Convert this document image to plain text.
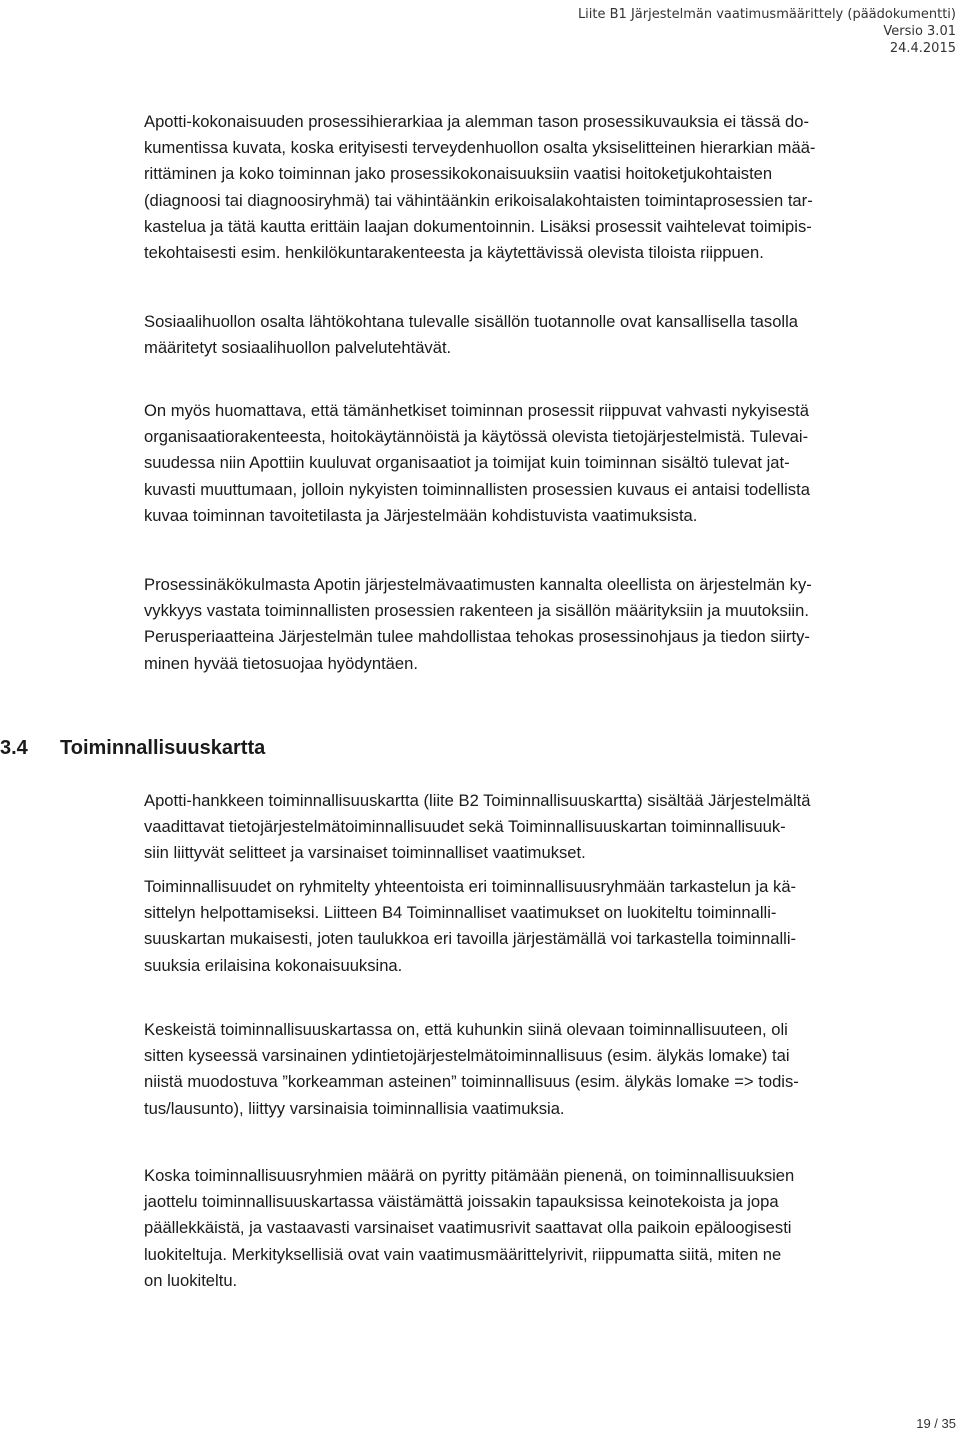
Liite B1 Järjestelmän vaatimusmäärittely (päädokumentti)
Versio 3.01
24.4.2015

Apotti-kokonaisuuden prosessihierarkiaa ja alemman tason prosessikuvauksia ei tässä do-
kumentissa kuvata, koska erityisesti terveydenhuollon osalta yksiselitteinen hierarkian mää-
rittäminen ja koko toiminnan jako prosessikokonaisuuksiin vaatisi hoitoketjukohtaisten
(diagnoosi tai diagnoosiryhmä) tai vähintäänkin erikoisalakohtaisten toimintaprosessien tar-
kastelua ja tätä kautta erittäin laajan dokumentoinnin. Lisäksi prosessit vaihtelevat toimipis-
tekohtaisesti esim. henkilökuntarakenteesta ja käytettävissä olevista tiloista riippuen.

Sosiaalihuollon osalta lähtökohtana tulevalle sisällön tuotannolle ovat kansallisella tasolla
määritetyt sosiaalihuollon palvelutehtävät.

On myös huomattava, että tämänhetkiset toiminnan prosessit riippuvat vahvasti nykyisestä
organisaatiorakenteesta, hoitokäytännöistä ja käytössä olevista tietojärjestelmistä. Tulevai-
suudessa niin Apottiin kuuluvat organisaatiot ja toimijat kuin toiminnan sisältö tulevat jat-
kuvasti muuttumaan, jolloin nykyisten toiminnallisten prosessien kuvaus ei antaisi todellista
kuvaa toiminnan tavoitetilasta ja Järjestelmään kohdistuvista vaatimuksista.

Prosessinäkökulmasta Apotin järjestelmävaatimusten kannalta oleellista on ärjestelmän ky-
vykkyys vastata toiminnallisten prosessien rakenteen ja sisällön määrityksiin ja muutoksiin.
Perusperiaatteina Järjestelmän tulee mahdollistaa tehokas prosessinohjaus ja tiedon siirty-
minen hyvää tietosuojaa hyödyntäen.

3.4 Toiminnallisuuskartta

Apotti-hankkeen toiminnallisuuskartta (liite B2 Toiminnallisuuskartta) sisältää Järjestelmältä
vaadittavat tietojärjestelmätoiminnallisuudet sekä Toiminnallisuuskartan toiminnallisuuk-
siin liittyvät selitteet ja varsinaiset toiminnalliset vaatimukset.

Toiminnallisuudet on ryhmitelty yhteentoista eri toiminnallisuusryhmään tarkastelun ja kä-
sittelyn helpottamiseksi. Liitteen B4 Toiminnalliset vaatimukset on luokiteltu toiminnalli-
suuskartan mukaisesti, joten taulukkoa eri tavoilla järjestämällä voi tarkastella toiminnalli-
suuksia erilaisina kokonaisuuksina.

Keskeistä toiminnallisuuskartassa on, että kuhunkin siinä olevaan toiminnallisuuteen, oli
sitten kyseessä varsinainen ydintietojärjestelmätoiminnallisuus (esim. älykäs lomake) tai
niistä muodostuva ”korkeamman asteinen” toiminnallisuus (esim. älykäs lomake => todis-
tus/lausunto), liittyy varsinaisia toiminnallisia vaatimuksia.

Koska toiminnallisuusryhmien määrä on pyritty pitämään pienenä, on toiminnallisuuksien
jaottelu toiminnallisuuskartassa väistämättä joissakin tapauksissa keinotekoista ja jopa
päällekkäistä, ja vastaavasti varsinaiset vaatimusrivit saattavat olla paikoin epäloogisesti
luokiteltuja. Merkityksellisiä ovat vain vaatimusmäärittelyrivit, riippumatta siitä, miten ne
on luokiteltu.

19 / 35
